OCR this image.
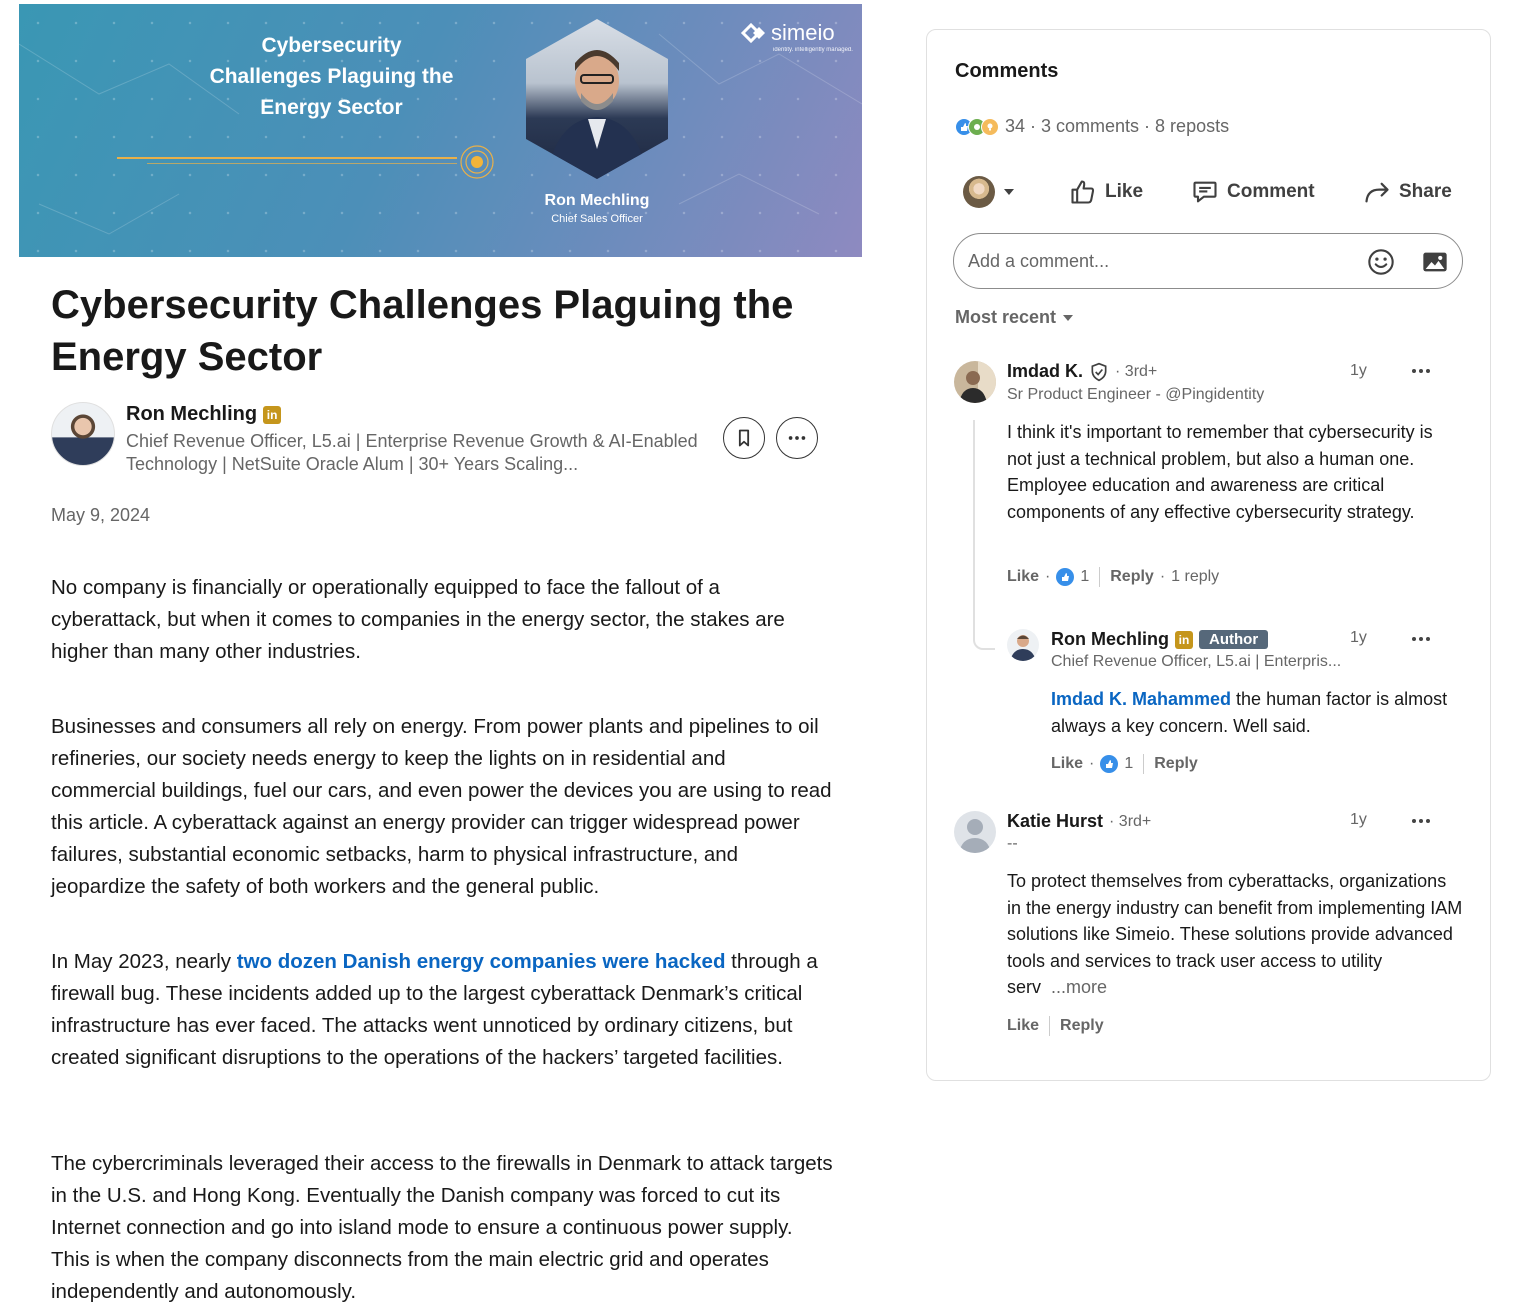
Cybersecurity Challenges Plaguing the Energy Sector
Ron Mechling
Chief Sales Officer
simeio
identity. intelligently managed.
Cybersecurity Challenges Plaguing the Energy Sector
Ron Mechling in
Chief Revenue Officer, L5.ai | Enterprise Revenue Growth & AI-Enabled Technology | NetSuite Oracle Alum | 30+ Years Scaling...
May 9, 2024

No company is financially or operationally equipped to face the fallout of a cyberattack, but when it comes to companies in the energy sector, the stakes are higher than many other industries.

Businesses and consumers all rely on energy. From power plants and pipelines to oil refineries, our society needs energy to keep the lights on in residential and commercial buildings, fuel our cars, and even power the devices you are using to read this article. A cyberattack against an energy provider can trigger widespread power failures, substantial economic setbacks, harm to physical infrastructure, and jeopardize the safety of both workers and the general public.

In May 2023, nearly two dozen Danish energy companies were hacked through a firewall bug. These incidents added up to the largest cyberattack Denmark’s critical infrastructure has ever faced. The attacks went unnoticed by ordinary citizens, but created significant disruptions to the operations of the hackers’ targeted facilities.

The cybercriminals leveraged their access to the firewalls in Denmark to attack targets in the U.S. and Hong Kong. Eventually the Danish company was forced to cut its Internet connection and go into island mode to ensure a continuous power supply. This is when the company disconnects from the main electric grid and operates independently and autonomously.

Comments
34 · 3 comments · 8 reposts
Like	Comment	Share
Add a comment...
Most recent
Imdad K. · 3rd+
Sr Product Engineer - @Pingidentity
1y
I think it's important to remember that cybersecurity is not just a technical problem, but also a human one. Employee education and awareness are critical components of any effective cybersecurity strategy.
Like · 1 Reply · 1 reply
Ron Mechling in	Author
Chief Revenue Officer, L5.ai | Enterpris...
1y
Imdad K. Mahammed the human factor is almost always a key concern. Well said.
Like · 1 Reply
Katie Hurst · 3rd+
--
1y
To protect themselves from cyberattacks, organizations in the energy industry can benefit from implementing IAM solutions like Simeio. These solutions provide advanced tools and services to track user access to utility serv ...more
Like Reply
